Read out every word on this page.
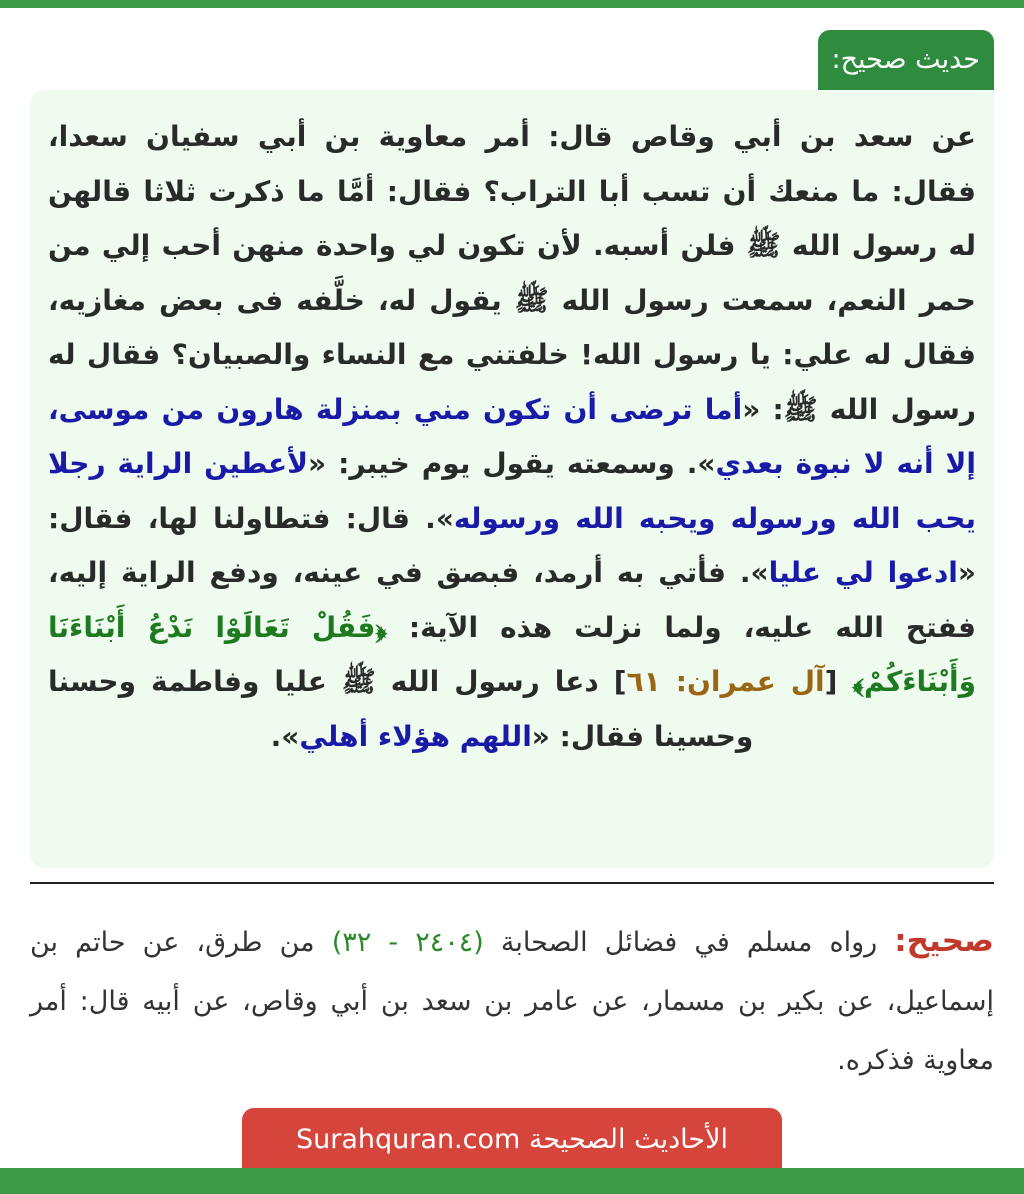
حديث صحيح:

عن سعد بن أبي وقاص قال: أمر معاوية بن أبي سفيان سعدا، فقال: ما منعك أن تسب أبا التراب؟ فقال: أمَّا ما ذكرت ثلاثا قالهن له رسول الله ﷺ فلن أسبه. لأن تكون لي واحدة منهن أحب إلي من حمر النعم، سمعت رسول الله ﷺ يقول له، خلَّفه فى بعض مغازيه، فقال له علي: يا رسول الله! خلفتني مع النساء والصبيان؟ فقال له رسول الله ﷺ: «أما ترضى أن تكون مني بمنزلة هارون من موسى، إلا أنه لا نبوة بعدي». وسمعته يقول يوم خيبر: «لأعطين الراية رجلا يحب الله ورسوله ويحبه الله ورسوله». قال: فتطاولنا لها، فقال: «ادعوا لي عليا». فأتي به أرمد، فبصق في عينه، ودفع الراية إليه، ففتح الله عليه، ولما نزلت هذه الآية: ﴿فَقُلْ تَعَالَوْا نَدْعُ أَبْنَاءَنَا وَأَبْنَاءَكُمْ﴾ [آل عمران: ٦١] دعا رسول الله ﷺ عليا وفاطمة وحسنا وحسينا فقال: «اللهم هؤلاء أهلي».

صحيح: رواه مسلم في فضائل الصحابة (٢٤٠٤ - ٣٢) من طرق، عن حاتم بن إسماعيل، عن بكير بن مسمار، عن عامر بن سعد بن أبي وقاص، عن أبيه قال: أمر معاوية فذكره.

الأحاديث الصحيحة Surahquran.com
